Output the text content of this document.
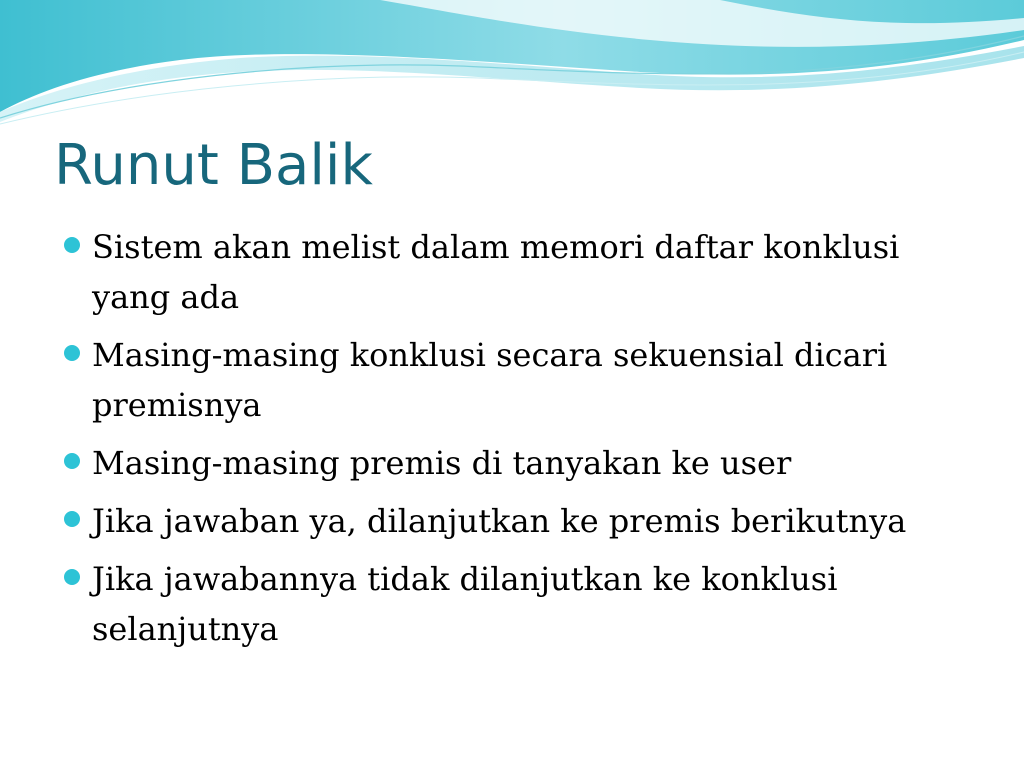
Runut Balik
Sistem akan melist dalam memori daftar konklusi yang ada
Masing-masing konklusi secara sekuensial dicari premisnya
Masing-masing premis di tanyakan ke user
Jika jawaban ya, dilanjutkan ke premis berikutnya
Jika jawabannya tidak dilanjutkan ke konklusi selanjutnya
